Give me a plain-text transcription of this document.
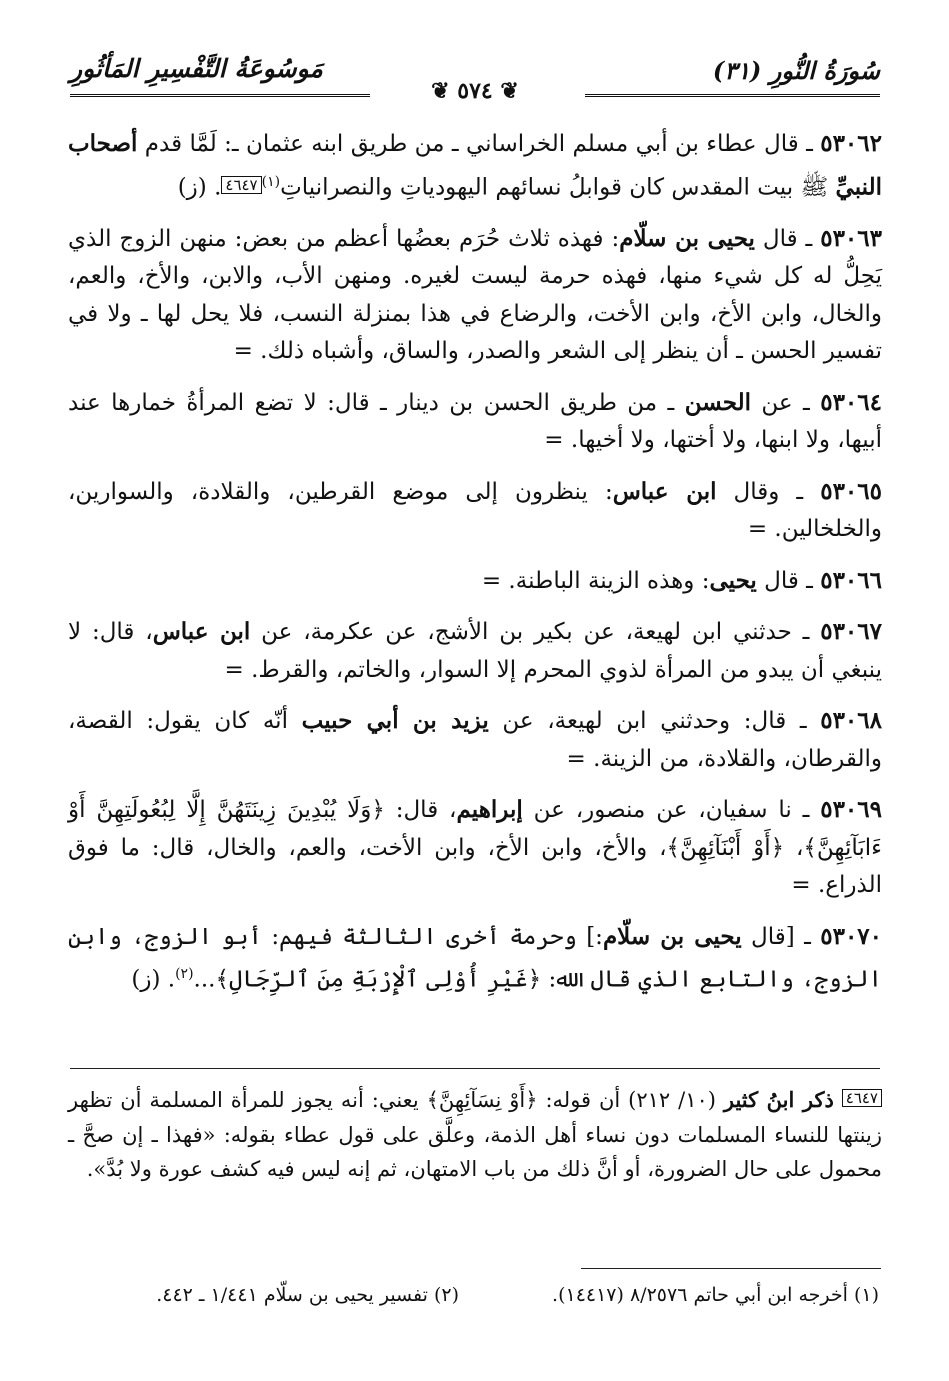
سُورَةُ النُّورِ (٣١)
مَوسُوعَةُ التَّفْسِيرِ المَأثُورِ
❦ ٥٧٤ ❦

٥٣٠٦٢ ـ قال عطاء بن أبي مسلم الخراساني ـ من طريق ابنه عثمان ـ: لَمَّا قدم أصحاب النبيِّ ﷺ بيت المقدس كان قوابلُ نسائهم اليهودياتِ والنصرانياتِ$^{(١)}$٤٦٤٧. (ز)

٥٣٠٦٣ ـ قال يحيى بن سلّام: فهذه ثلاث حُرَم بعضُها أعظم من بعض: منهن الزوج الذي يَحِلُّ له كل شيء منها، فهذه حرمة ليست لغيره. ومنهن الأب، والابن، والأخ، والعم، والخال، وابن الأخ، وابن الأخت، والرضاع في هذا بمنزلة النسب، فلا يحل لها ـ ولا في تفسير الحسن ـ أن ينظر إلى الشعر والصدر، والساق، وأشباه ذلك. =

٥٣٠٦٤ ـ عن الحسن ـ من طريق الحسن بن دينار ـ قال: لا تضع المرأةُ خمارها عند أبيها، ولا ابنها، ولا أختها، ولا أخيها. =

٥٣٠٦٥ ـ وقال ابن عباس: ينظرون إلى موضع القرطين، والقلادة، والسوارين، والخلخالين. =

٥٣٠٦٦ ـ قال يحيى: وهذه الزينة الباطنة. =

٥٣٠٦٧ ـ حدثني ابن لهيعة، عن بكير بن الأشج، عن عكرمة، عن ابن عباس، قال: لا ينبغي أن يبدو من المرأة لذوي المحرم إلا السوار، والخاتم، والقرط. =

٥٣٠٦٨ ـ قال: وحدثني ابن لهيعة، عن يزيد بن أبي حبيب أنّه كان يقول: القصة، والقرطان، والقلادة، من الزينة. =

٥٣٠٦٩ ـ نا سفيان، عن منصور، عن إبراهيم، قال: ﴿وَلَا يُبْدِينَ زِينَتَهُنَّ إِلَّا لِبُعُولَتِهِنَّ أَوْ ءَابَآئِهِنَّ﴾، ﴿أَوْ أَبْنَآئِهِنَّ﴾، والأخ، وابن الأخ، وابن الأخت، والعم، والخال، قال: ما فوق الذراع. =

٥٣٠٧٠ ـ [قال يحيى بن سلّام:] وحرمة أخرى الثالثة فيهم: أبو الزوج، وابن الزوج، والتابع الذي قال الله: ﴿غَيْرِ أُوْلِى ٱلْإِرْبَةِ مِنَ ٱلرِّجَالِ﴾...$^{(٢)}$. (ز)

٤٦٤٧ ذكر ابنُ كثير (١٠/ ٢١٢) أن قوله: ﴿أَوْ نِسَآئِهِنَّ﴾ يعني: أنه يجوز للمرأة المسلمة أن تظهر زينتها للنساء المسلمات دون نساء أهل الذمة، وعلَّق على قول عطاء بقوله: «فهذا ـ إن صحَّ ـ محمول على حال الضرورة، أو أنَّ ذلك من باب الامتهان، ثم إنه ليس فيه كشف عورة ولا بُدَّ».
(١) أخرجه ابن أبي حاتم ٨/٢٥٧٦ (١٤٤١٧).
(٢) تفسير يحيى بن سلّام ١/٤٤١ ـ ٤٤٢.
